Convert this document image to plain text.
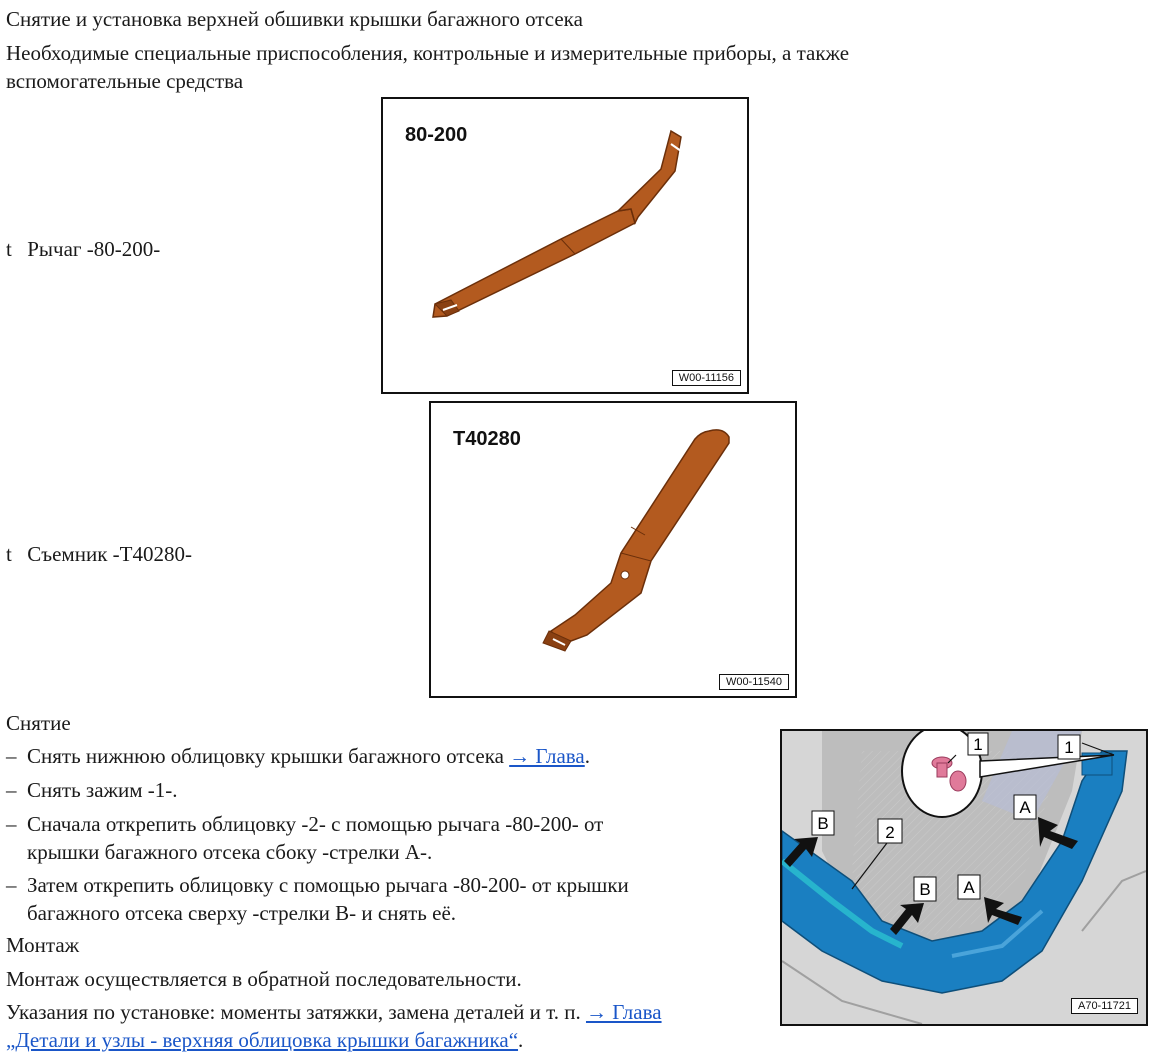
Снятие и установка верхней обшивки крышки багажного отсека
Необходимые специальные приспособления, контрольные и измерительные приборы, а также
вспомогательные средства
t Рычаг -80-200-
80-200
W00-11156
t Съемник -T40280-
T40280
W00-11540
Снятие
– Снять нижнюю облицовку крышки багажного отсека → Глава.
– Снять зажим -1-.
– Сначала открепить облицовку -2- с помощью рычага -80-200- от
крышки багажного отсека сбоку -стрелки A-.
– Затем открепить облицовку с помощью рычага -80-200- от крышки
багажного отсека сверху -стрелки B- и снять её.
Монтаж
Монтаж осуществляется в обратной последовательности.
Указания по установке: моменты затяжки, замена деталей и т. п. → Глава
„Детали и узлы - верхняя облицовка крышки багажника“.
1	1
2
A
A
B
B
A70-11721
